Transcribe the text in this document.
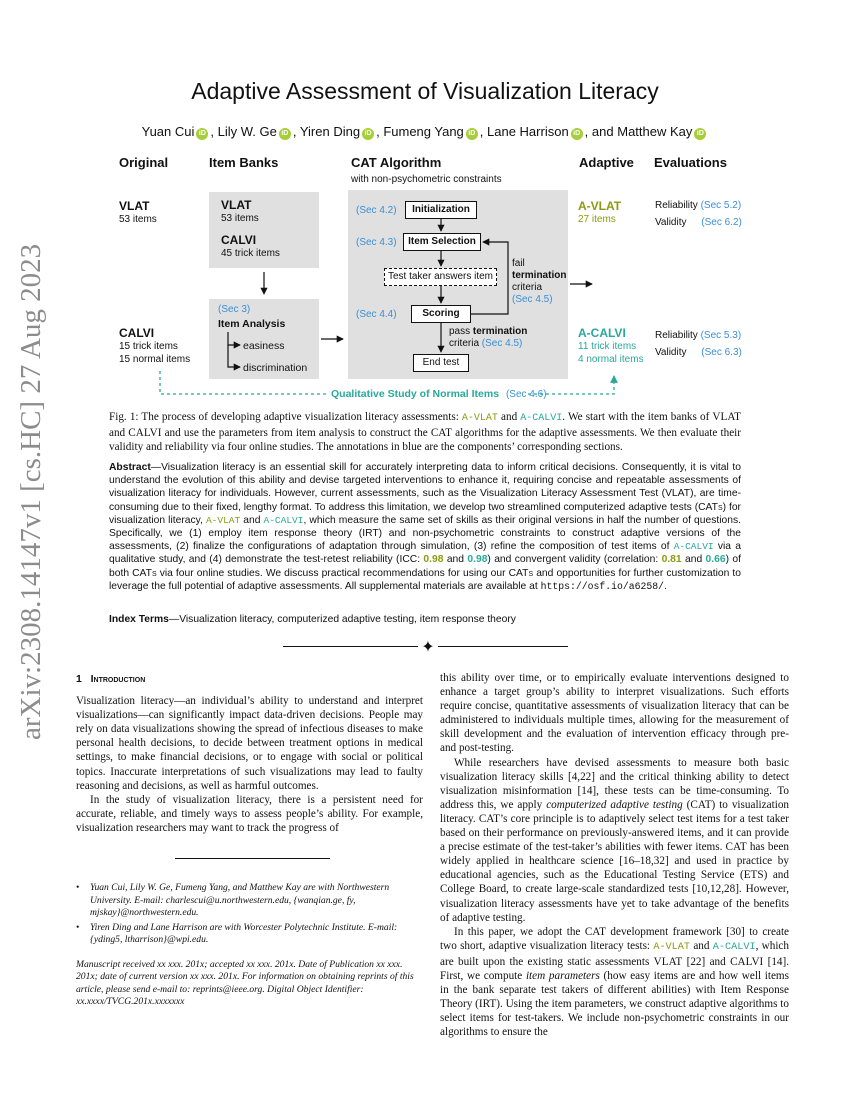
arXiv:2308.14147v1 [cs.HC] 27 Aug 2023
Adaptive Assessment of Visualization Literacy
Yuan Cui iD , Lily W. Ge iD , Yiren Ding iD , Fumeng Yang iD , Lane Harrison iD , and Matthew Kay iD
Original	Item Banks	CAT Algorithm
with non-psychometric constraints
Adaptive Evaluations
VLAT
53 items
CALVI
15 trick items
15 normal items
VLAT
53 items
CALVI
45 trick items
(Sec 3)
Item Analysis
easiness
discrimination
(Sec 4.2)	Initialization
(Sec 4.3)	Item Selection
Test taker answers item
(Sec 4.4)	Scoring
End test
fail
termination
criteria
(Sec 4.5)
pass termination
criteria (Sec 4.5)
A-VLAT
27 items
A-CALVI
11 trick items
4 normal items
Reliability (Sec 5.2)
Validity (Sec 6.2)
Reliability (Sec 5.3)
Validity (Sec 6.3)
Qualitative Study of Normal Items (Sec 4.6)
Fig. 1: The process of developing adaptive visualization literacy assessments: A-VLAT and A-CALVI. We start with the item banks of VLAT and CALVI and use the parameters from item analysis to construct the CAT algorithms for the adaptive assessments. We then evaluate their validity and reliability via four online studies. The annotations in blue are the components’ corresponding sections.
Abstract—Visualization literacy is an essential skill for accurately interpreting data to inform critical decisions. Consequently, it is vital to understand the evolution of this ability and devise targeted interventions to enhance it, requiring concise and repeatable assessments of visualization literacy for individuals. However, current assessments, such as the Visualization Literacy Assessment Test (VLAT), are time-consuming due to their fixed, lengthy format. To address this limitation, we develop two streamlined computerized adaptive tests (CATs) for visualization literacy, A-VLAT and A-CALVI, which measure the same set of skills as their original versions in half the number of questions. Specifically, we (1) employ item response theory (IRT) and non-psychometric constraints to construct adaptive versions of the assessments, (2) finalize the configurations of adaptation through simulation, (3) refine the composition of test items of A-CALVI via a qualitative study, and (4) demonstrate the test-retest reliability (ICC: 0.98 and 0.98) and convergent validity (correlation: 0.81 and 0.66) of both CATs via four online studies. We discuss practical recommendations for using our CATs and opportunities for further customization to leverage the full potential of adaptive assessments. All supplemental materials are available at https://osf.io/a6258/.
Index Terms—Visualization literacy, computerized adaptive testing, item response theory
✦
1 Introduction

Visualization literacy—an individual’s ability to understand and interpret visualizations—can significantly impact data-driven decisions. People may rely on data visualizations showing the spread of infectious diseases to make personal health decisions, to decide between treatment options in medical settings, to make financial decisions, or to engage with social or political topics. Inaccurate interpretations of such visualizations may lead to faulty reasoning and decisions, as well as harmful outcomes.

In the study of visualization literacy, there is a persistent need for accurate, reliable, and timely ways to assess people’s ability. For example, visualization researchers may want to track the progress of

•	Yuan Cui, Lily W. Ge, Fumeng Yang, and Matthew Kay are with Northwestern University. E-mail: charlescui@u.northwestern.edu, {wanqian.ge, fy, mjskay}@northwestern.edu.
•	Yiren Ding and Lane Harrison are with Worcester Polytechnic Institute. E-mail: {yding5, ltharrison}@wpi.edu.
Manuscript received xx xxx. 201x; accepted xx xxx. 201x. Date of Publication xx xxx. 201x; date of current version xx xxx. 201x. For information on obtaining reprints of this article, please send e-mail to: reprints@ieee.org. Digital Object Identifier: xx.xxxx/TVCG.201x.xxxxxxx

this ability over time, or to empirically evaluate interventions designed to enhance a target group’s ability to interpret visualizations. Such efforts require concise, quantitative assessments of visualization literacy that can be administered to individuals multiple times, allowing for the measurement of skill development and the evaluation of intervention efficacy through pre- and post-testing.

While researchers have devised assessments to measure both basic visualization literacy skills [4,22] and the critical thinking ability to detect visualization misinformation [14], these tests can be time-consuming. To address this, we apply computerized adaptive testing (CAT) to visualization literacy. CAT’s core principle is to adaptively select test items for a test taker based on their performance on previously-answered items, and it can provide a precise estimate of the test-taker’s abilities with fewer items. CAT has been widely applied in healthcare science [16–18,32] and used in practice by educational agencies, such as the Educational Testing Service (ETS) and College Board, to create large-scale standardized tests [10,12,28]. However, visualization literacy assessments have yet to take advantage of the benefits of adaptive testing.

In this paper, we adopt the CAT development framework [30] to create two short, adaptive visualization literacy tests: A-VLAT and A-CALVI, which are built upon the existing static assessments VLAT [22] and CALVI [14]. First, we compute item parameters (how easy items are and how well items in the bank separate test takers of different abilities) with Item Response Theory (IRT). Using the item parameters, we construct adaptive algorithms to select items for test-takers. We include non-psychometric constraints in our algorithms to ensure the
